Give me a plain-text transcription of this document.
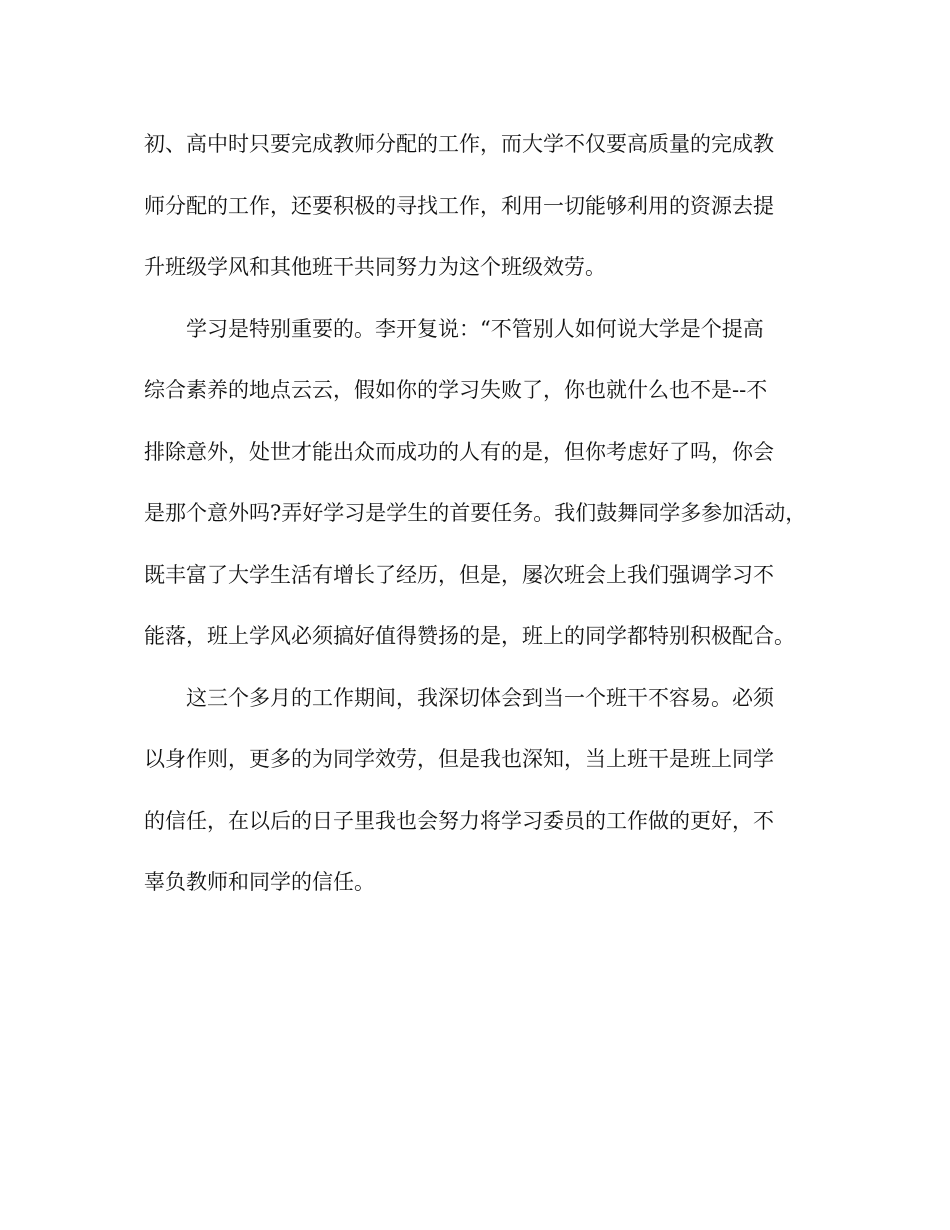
初、高中时只要完成教师分配的工作，而大学不仅要高质量的完成教
师分配的工作，还要积极的寻找工作，利用一切能够利用的资源去提
升班级学风和其他班干共同努力为这个班级效劳。
学习是特别重要的。李开复说：“不管别人如何说大学是个提高
综合素养的地点云云，假如你的学习失败了，你也就什么也不是--不
排除意外，处世才能出众而成功的人有的是，但你考虑好了吗，你会
是那个意外吗?弄好学习是学生的首要任务。我们鼓舞同学多参加活动，
既丰富了大学生活有增长了经历，但是，屡次班会上我们强调学习不
能落，班上学风必须搞好值得赞扬的是，班上的同学都特别积极配合。
这三个多月的工作期间，我深切体会到当一个班干不容易。必须
以身作则，更多的为同学效劳，但是我也深知，当上班干是班上同学
的信任，在以后的日子里我也会努力将学习委员的工作做的更好，不
辜负教师和同学的信任。
